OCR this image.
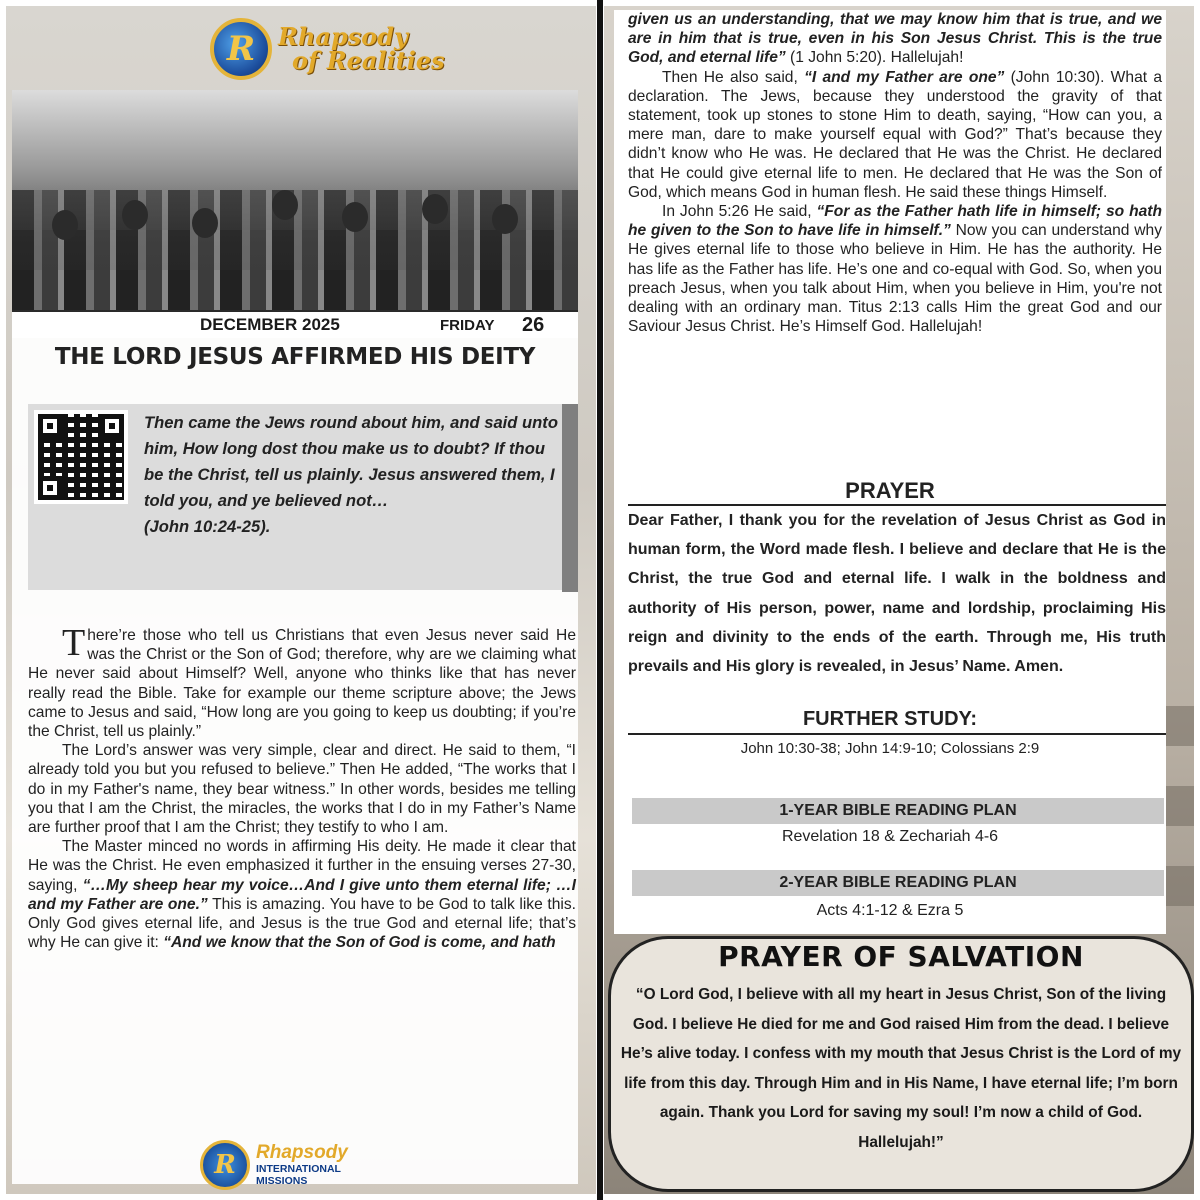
R Rhapsody
of Realities
DECEMBER 2025	FRIDAY 26
THE LORD JESUS AFFIRMED HIS DEITY
Then came the Jews round about him, and said unto him, How long dost thou make us to doubt? If thou be the Christ, tell us plainly. Jesus answered them, I told you, and ye believed not…
(John 10:24-25).

There’re those who tell us Christians that even Jesus never said He was the Christ or the Son of God; therefore, why are we claiming what He never said about Himself? Well, anyone who thinks like that has never really read the Bible. Take for example our theme scripture above; the Jews came to Jesus and said, “How long are you going to keep us doubting; if you’re the Christ, tell us plainly.”

The Lord’s answer was very simple, clear and direct. He said to them, “I already told you but you refused to believe.” Then He added, “The works that I do in my Father's name, they bear witness.” In other words, besides me telling you that I am the Christ, the miracles, the works that I do in my Father’s Name are further proof that I am the Christ; they testify to who I am.

The Master minced no words in affirming His deity. He made it clear that He was the Christ. He even emphasized it further in the ensuing verses 27-30, saying, “…My sheep hear my voice…And I give unto them eternal life; …I and my Father are one.” This is amazing. You have to be God to talk like this. Only God gives eternal life, and Jesus is the true God and eternal life; that’s why He can give it: “And we know that the Son of God is come, and hath

R	Rhapsody
INTERNATIONAL
MISSIONS

given us an understanding, that we may know him that is true, and we are in him that is true, even in his Son Jesus Christ. This is the true God, and eternal life” (1 John 5:20). Hallelujah!

Then He also said, “I and my Father are one” (John 10:30). What a declaration. The Jews, because they understood the gravity of that statement, took up stones to stone Him to death, saying, “How can you, a mere man, dare to make yourself equal with God?” That’s because they didn’t know who He was. He declared that He was the Christ. He declared that He could give eternal life to men. He declared that He was the Son of God, which means God in human flesh. He said these things Himself.

In John 5:26 He said, “For as the Father hath life in himself; so hath he given to the Son to have life in himself.” Now you can understand why He gives eternal life to those who believe in Him. He has the authority. He has life as the Father has life. He’s one and co-equal with God. So, when you preach Jesus, when you talk about Him, when you believe in Him, you're not dealing with an ordinary man. Titus 2:13 calls Him the great God and our Saviour Jesus Christ. He’s Himself God. Hallelujah!

PRAYER
Dear Father, I thank you for the revelation of Jesus Christ as God in human form, the Word made flesh. I believe and declare that He is the Christ, the true God and eternal life. I walk in the boldness and authority of His person, power, name and lordship, proclaiming His reign and divinity to the ends of the earth. Through me, His truth prevails and His glory is revealed, in Jesus’ Name. Amen.
FURTHER STUDY:
John 10:30-38; John 14:9-10; Colossians 2:9
1-YEAR BIBLE READING PLAN
Revelation 18 & Zechariah 4-6
2-YEAR BIBLE READING PLAN
Acts 4:1-12 & Ezra 5
PRAYER OF SALVATION
“O Lord God, I believe with all my heart in Jesus Christ, Son of the living God. I believe He died for me and God raised Him from the dead. I believe He’s alive today. I confess with my mouth that Jesus Christ is the Lord of my life from this day. Through Him and in His Name, I have eternal life; I’m born again. Thank you Lord for saving my soul! I’m now a child of God. Hallelujah!”
